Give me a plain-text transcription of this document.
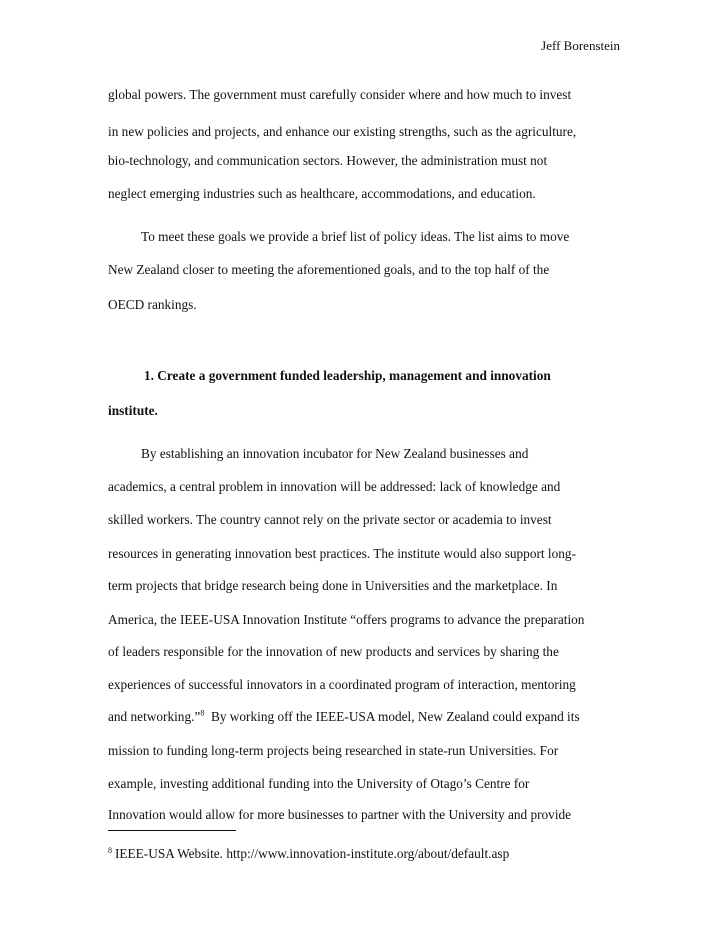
Jeff Borenstein
global powers. The government must carefully consider where and how much to invest
in new policies and projects, and enhance our existing strengths, such as the agriculture,
bio-technology, and communication sectors. However, the administration must not
neglect emerging industries such as healthcare, accommodations, and education.
To meet these goals we provide a brief list of policy ideas. The list aims to move
New Zealand closer to meeting the aforementioned goals, and to the top half of the
OECD rankings.
1. Create a government funded leadership, management and innovation
institute.
By establishing an innovation incubator for New Zealand businesses and
academics, a central problem in innovation will be addressed: lack of knowledge and
skilled workers. The country cannot rely on the private sector or academia to invest
resources in generating innovation best practices. The institute would also support long-
term projects that bridge research being done in Universities and the marketplace. In
America, the IEEE-USA Innovation Institute “offers programs to advance the preparation
of leaders responsible for the innovation of new products and services by sharing the
experiences of successful innovators in a coordinated program of interaction, mentoring
and networking.”$^8$  By working off the IEEE-USA model, New Zealand could expand its
mission to funding long-term projects being researched in state-run Universities. For
example, investing additional funding into the University of Otago’s Centre for
Innovation would allow for more businesses to partner with the University and provide
$^8$ IEEE-USA Website. http://www.innovation-institute.org/about/default.asp
